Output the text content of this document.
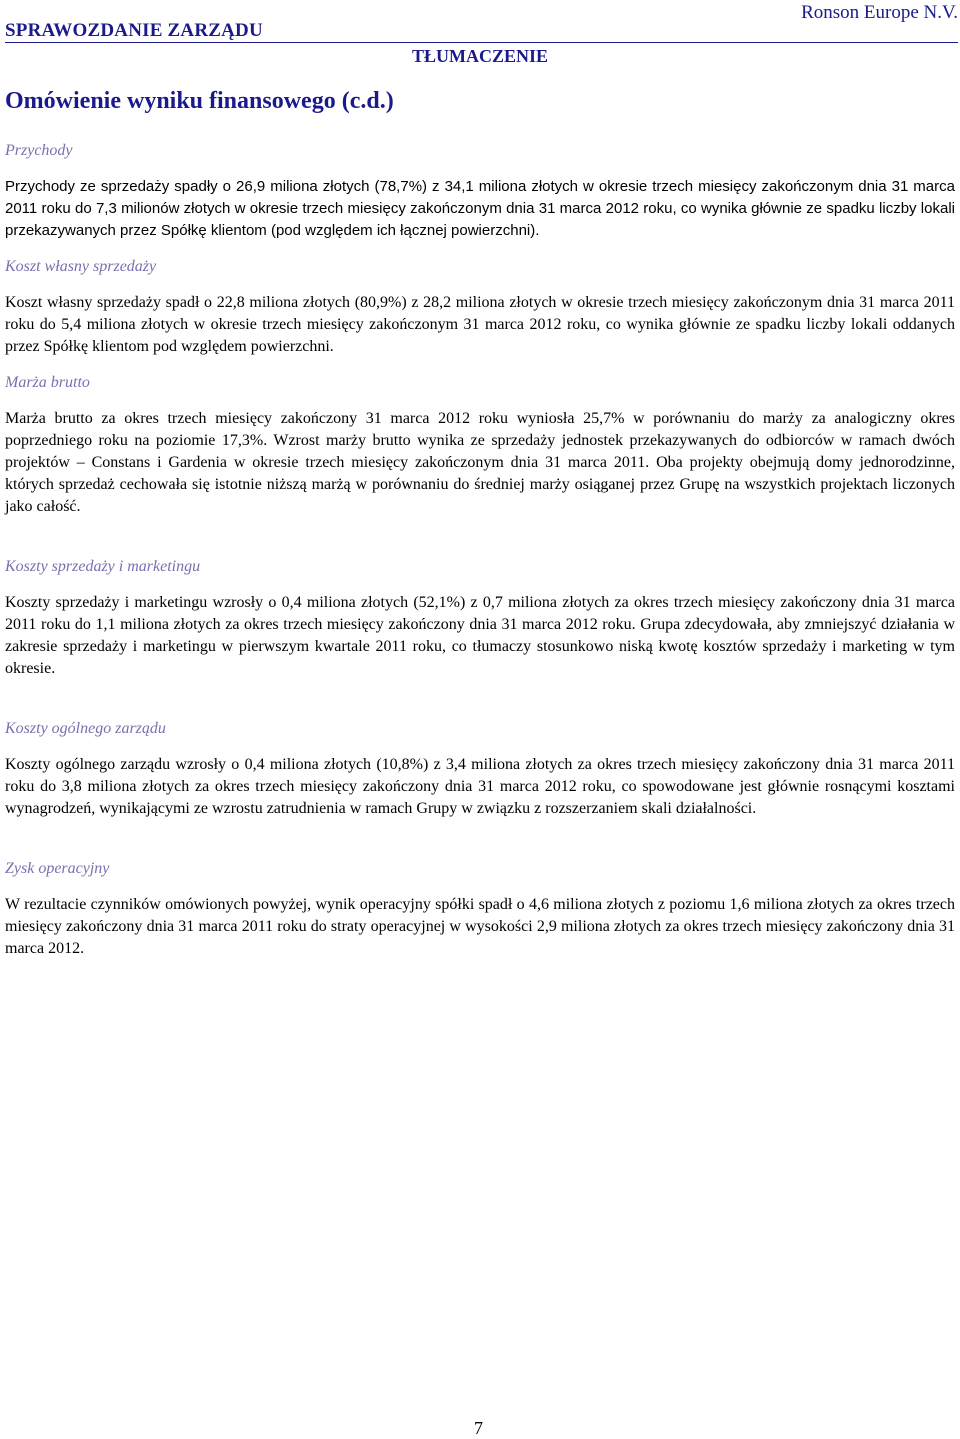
SPRAWOZDANIE ZARZĄDU
Ronson Europe N.V.
TŁUMACZENIE
Omówienie wyniku finansowego (c.d.)
Przychody

Przychody ze sprzedaży spadły o 26,9 miliona złotych (78,7%) z 34,1 miliona złotych w okresie trzech miesięcy zakończonym dnia 31 marca 2011 roku do 7,3 milionów złotych w okresie trzech miesięcy zakończonym dnia 31 marca 2012 roku, co wynika głównie ze spadku liczby lokali przekazywanych przez Spółkę klientom (pod względem ich łącznej powierzchni).

Koszt własny sprzedaży

Koszt własny sprzedaży spadł o 22,8 miliona złotych (80,9%) z 28,2 miliona złotych w okresie trzech miesięcy zakończonym dnia 31 marca 2011 roku do 5,4 miliona złotych w okresie trzech miesięcy zakończonym 31 marca 2012 roku, co wynika głównie ze spadku liczby lokali oddanych przez Spółkę klientom pod względem powierzchni.

Marża brutto

Marża brutto za okres trzech miesięcy zakończony 31 marca 2012 roku wyniosła 25,7% w porównaniu do marży za analogiczny okres poprzedniego roku na poziomie 17,3%. Wzrost marży brutto wynika ze sprzedaży jednostek przekazywanych do odbiorców w ramach dwóch projektów – Constans i Gardenia w okresie trzech miesięcy zakończonym dnia 31 marca 2011. Oba projekty obejmują domy jednorodzinne, których sprzedaż cechowała się istotnie niższą marżą w porównaniu do średniej marży osiąganej przez Grupę na wszystkich projektach liczonych jako całość.

Koszty sprzedaży i marketingu

Koszty sprzedaży i marketingu wzrosły o 0,4 miliona złotych (52,1%) z 0,7 miliona złotych za okres trzech miesięcy zakończony dnia 31 marca 2011 roku do 1,1 miliona złotych za okres trzech miesięcy zakończony dnia 31 marca 2012 roku. Grupa zdecydowała, aby zmniejszyć działania w zakresie sprzedaży i marketingu w pierwszym kwartale 2011 roku, co tłumaczy stosunkowo niską kwotę kosztów sprzedaży i marketing w tym okresie.

Koszty ogólnego zarządu

Koszty ogólnego zarządu wzrosły o 0,4 miliona złotych (10,8%) z 3,4 miliona złotych za okres trzech miesięcy zakończony dnia 31 marca 2011 roku do 3,8 miliona złotych za okres trzech miesięcy zakończony dnia 31 marca 2012 roku, co spowodowane jest głównie rosnącymi kosztami wynagrodzeń, wynikającymi ze wzrostu zatrudnienia w ramach Grupy w związku z rozszerzaniem skali działalności.

Zysk operacyjny

W rezultacie czynników omówionych powyżej, wynik operacyjny spółki spadł o 4,6 miliona złotych z poziomu 1,6 miliona złotych za okres trzech miesięcy zakończony dnia 31 marca 2011 roku do straty operacyjnej w wysokości 2,9 miliona złotych za okres trzech miesięcy zakończony dnia 31 marca 2012.

7
